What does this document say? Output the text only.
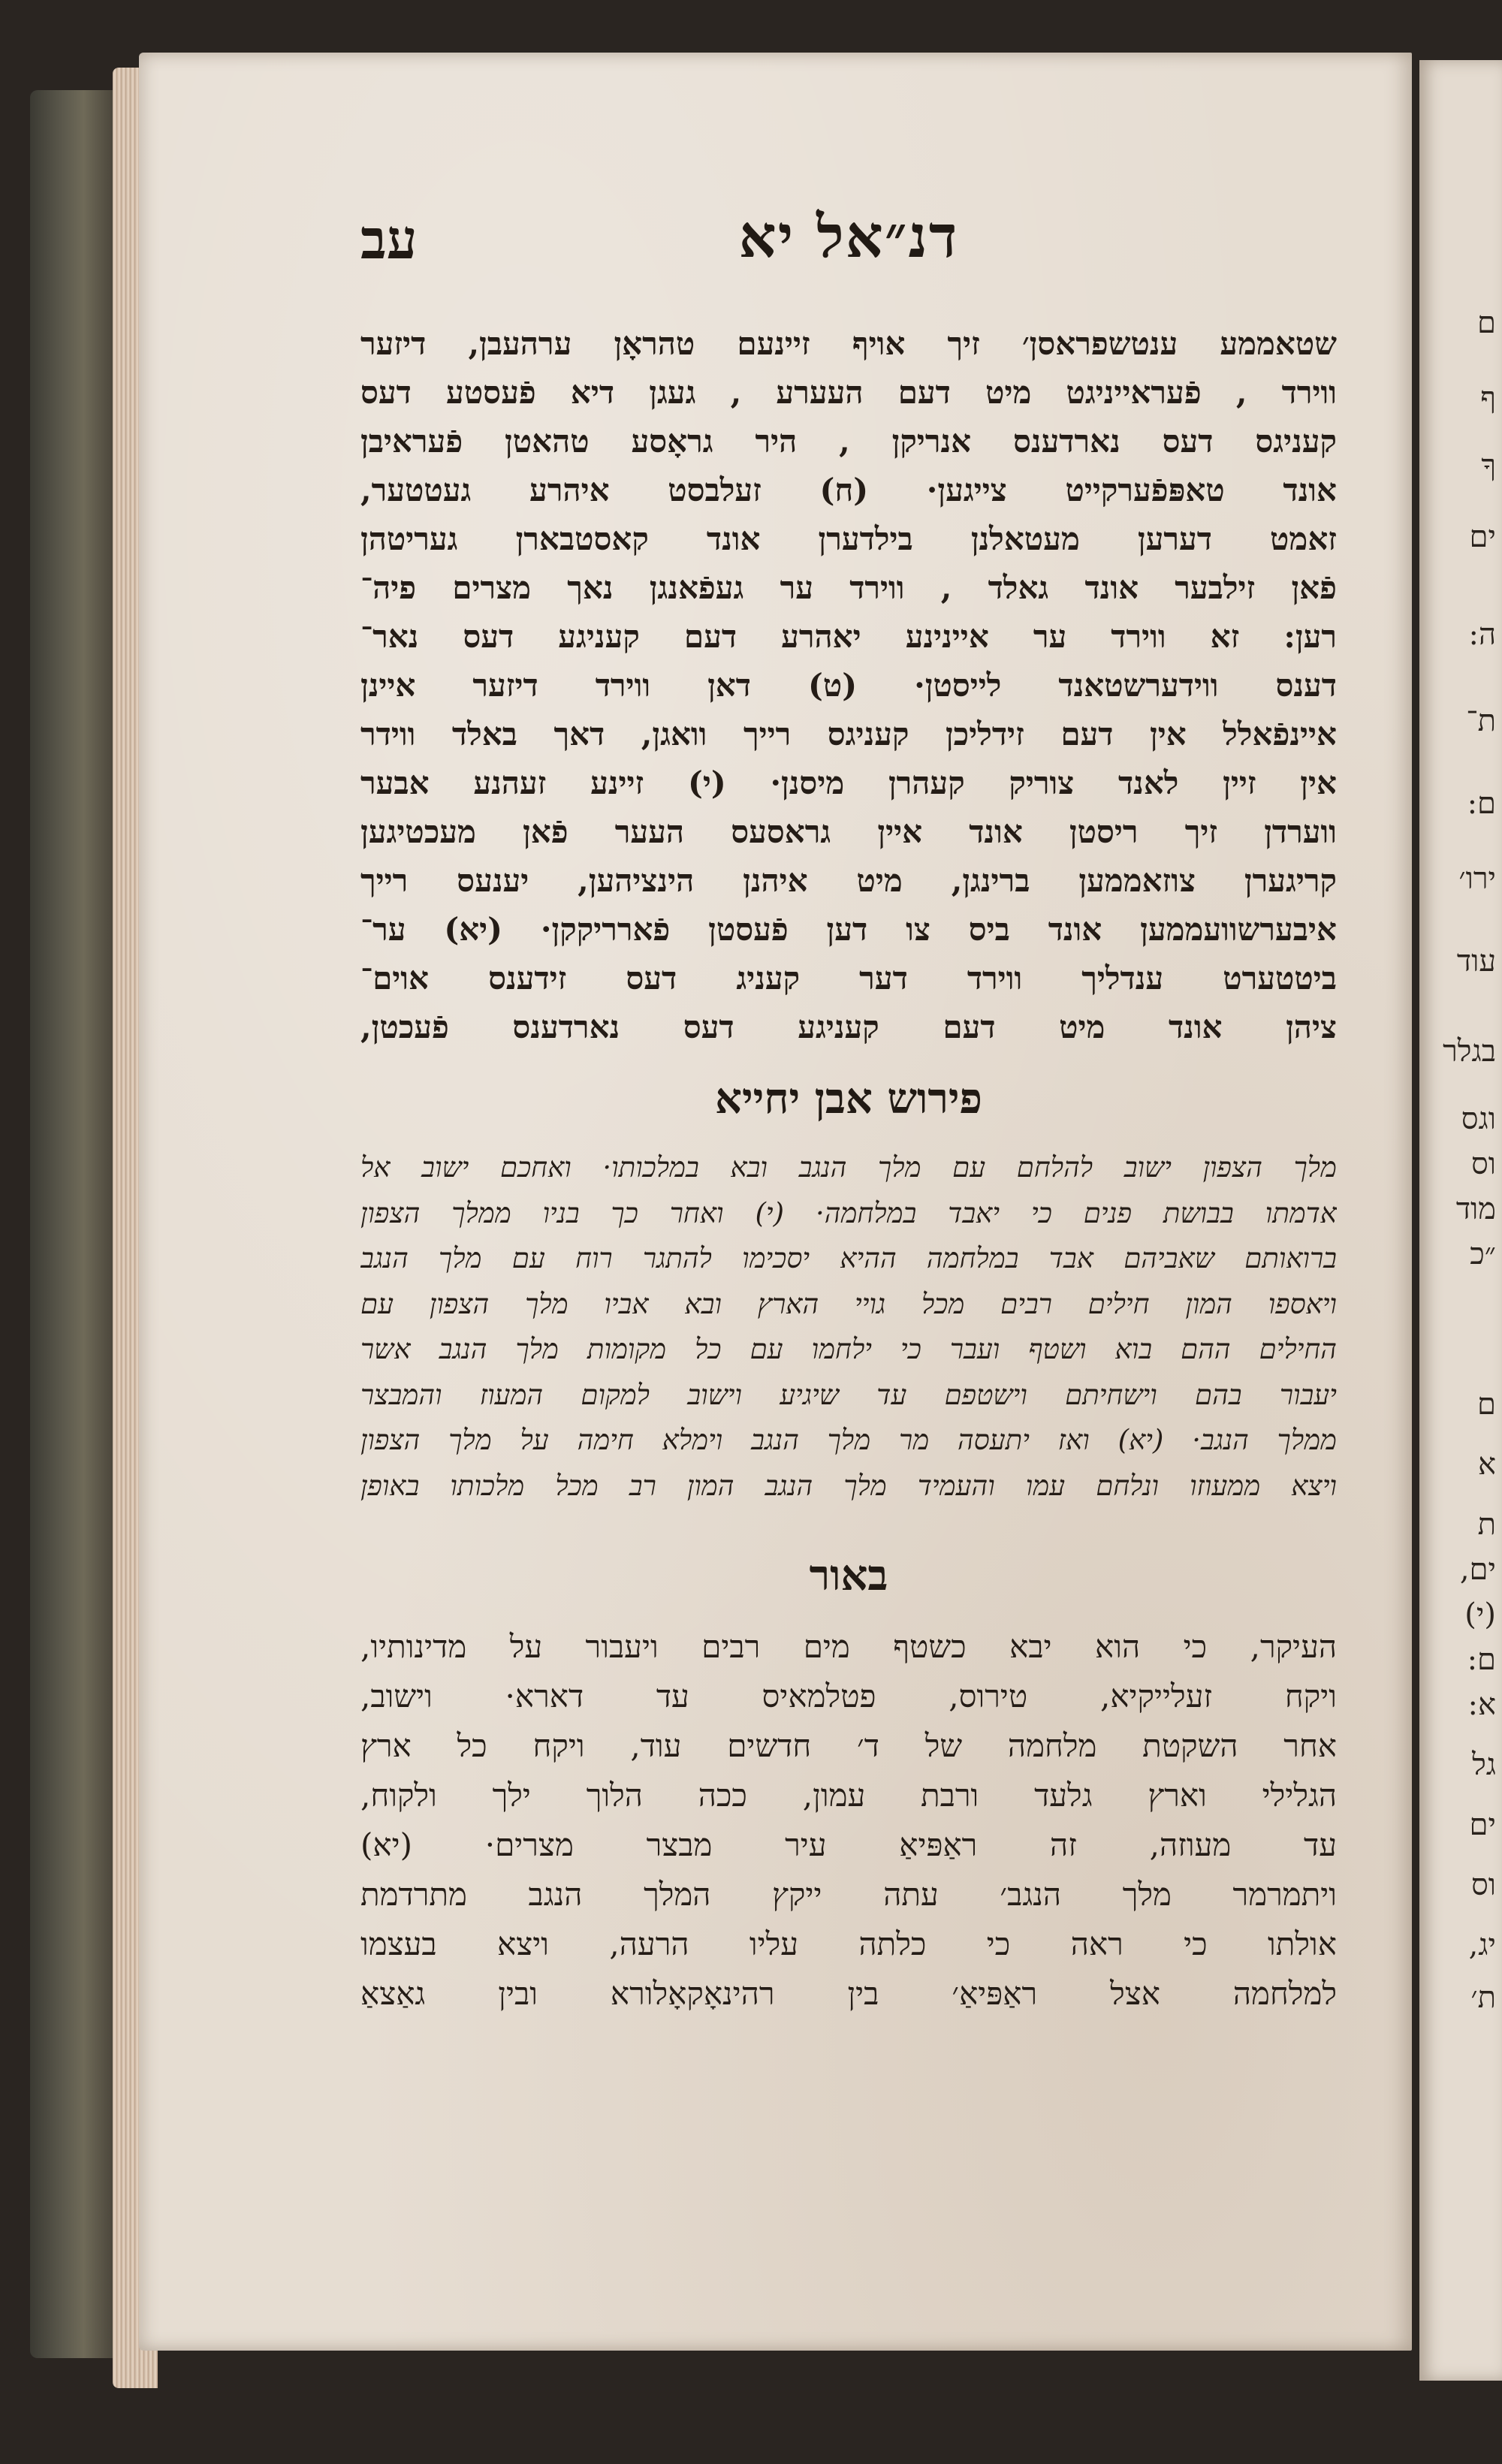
ם
ף
ךָ
ים
ה:
ת־
ם:
ירו׳
עוד
בגלר
וגס
וס
מוד
״כ
ם
א
ת
ים,
(י)
ם:
א:
גל
ים
וס
יג,
ת׳
דנ״אל יא
עב
שטאממע ענטשפראסן׳ זיך אויף זיינעם טהראָן ערהעבן, דיזער
ווירד , פֿעראייניגט מיט דעם העערע , געגן דיא פֿעסטע דעס
קעניגס דעס נארדענס אנריקן , היר גראָסע טהאטן פֿעראיבן
אונד טאפּפֿערקייט צייגען· (ח) זעלבסט איהרע געטטער,
זאמט דערען מעטאלנן בילדערן אונד קאסטבארן געריטהן
פֿאן זילבער אונד גאלד , ווירד ער געפֿאנגן נאך מצרים פיה־
רען: זא ווירד ער איינינע יאהרע דעם קעניגע דעס נאר־
דענס ווידערשטאנד לייסטן· (ט) דאן ווירד דיזער איינן
איינפֿאלל אין דעם זידליכן קעניגס רייך וואגן, דאך באלד ווידר
אין זיין לאנד צוריק קעהרן מיסנן· (י) זיינע זעהנע אבער
ווערדן זיך ריסטן אונד איין גראסעס העער פֿאן מעכטיגען
קריגערן צוזאממען ברינגן, מיט איהנן הינציהען, יענעס רייך
איבערשוועממען אונד ביס צו דען פֿעסטן פֿארריקקן· (יא) ער־
ביטטערט ענדליך ווירד דער קעניג דעס זידענס אוים־
ציהן אונד מיט דעם קעניגע דעס נארדענס פֿעכטן,
פירוש אבן יחייא
מלך הצפון ישוב להלחם עם מלך הנגב ובא במלכותו· ואחכם ישוב אל
אדמתו בבושת פנים כי יאבד במלחמה· (י) ואחר כך בניו ממלך הצפון
ברואותם שאביהם אבד במלחמה ההיא יסכימו להתגר רוח עם מלך הנגב
ויאספו המון חילים רבים מכל גויי הארץ ובא אביו מלך הצפון עם
החילים ההם בוא ושטף ועבר כי ילחמו עם כל מקומות מלך הנגב אשר
יעבור בהם וישחיתם וישטפם עד שיגיע וישוב למקום המעוז והמבצר
ממלך הנגב· (יא) ואז יתעסה מר מלך הנגב וימלא חימה על מלך הצפון
ויצא ממעוזו ונלחם עמו והעמיד מלך הנגב המון רב מכל מלכותו באופן
באור
העיקר, כי הוא יבא כשטף מים רבים ויעבור על מדינותיו,
ויקח זעלייקיא, טירוס, פטלמאיס עד דארא· וישוב,
אחר השקטת מלחמה של ד׳ חדשים עוד, ויקח כל ארץ
הגלילי וארץ גלעד ורבת עמון, ככה הלוך ילך ולקוח,
עד מעוזה, זה ראַפּיאַ עיר מבצר מצרים· (יא)
ויתמרמר מלך הנגב׳ עתה ייקץ המלך הנגב מתרדמת
אולתו כי ראה כי כלתה עליו הרעה, ויצא בעצמו
למלחמה אצל ראַפּיאַ׳ בין רהינאָקאָלורא ובין גאַצאַ
